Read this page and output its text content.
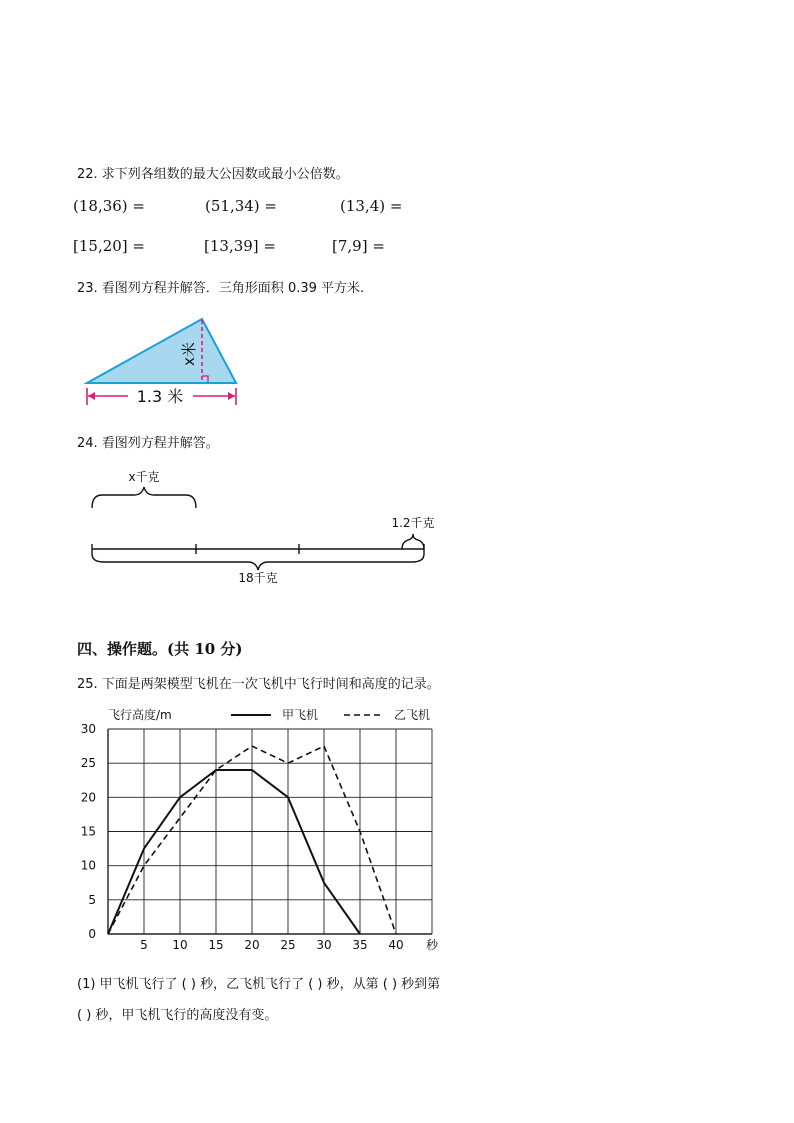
22. 求下列各组数的最大公因数或最小公倍数。
(18,36) =	(51,34) =	(13,4) =
[15,20] =	[13,39] =	[7,9] =
23. 看图列方程并解答．三角形面积 0.39 平方米.
1.3 米
x米
24. 看图列方程并解答。
x千克
1.2千克
18千克
四、操作题。(共 10 分)
25. 下面是两架模型飞机在一次飞机中飞行时间和高度的记录。
0
5
10
15
20
25
30
5 10 15 20 25 30 35 40
飞行高度/m
秒
甲飞机	乙飞机
(1) 甲飞机飞行了 ( ) 秒，乙飞机飞行了 ( ) 秒，从第 ( ) 秒到第
( ) 秒，甲飞机飞行的高度没有变。
